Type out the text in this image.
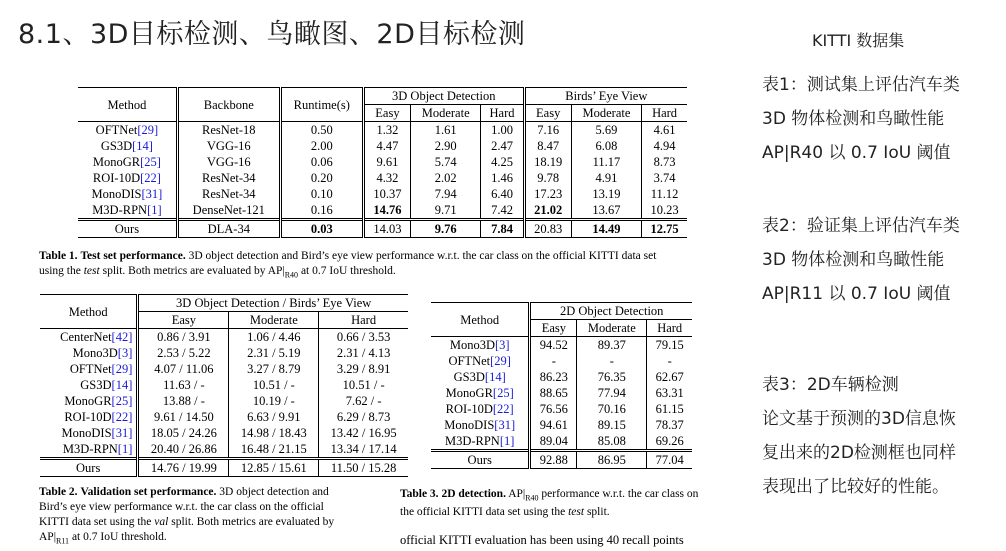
8.1、3D目标检测、鸟瞰图、2D目标检测	KITTI 数据集
表1：测试集上评估汽车类
3D 物体检测和鸟瞰性能
AP|R40 以 0.7 IoU 阈值
表2：验证集上评估汽车类
3D 物体检测和鸟瞰性能
AP|R11 以 0.7 IoU 阈值
表3：2D车辆检测
论文基于预测的3D信息恢
复出来的2D检测框也同样
表现出了比较好的性能。
Method	Backbone	Runtime(s)	3D Object Detection			Birds’ Eye View		
			Easy	Moderate	Hard	Easy	Moderate	Hard
OFTNet[29]	ResNet-18	0.50	1.32	1.61	1.00	7.16	5.69	4.61
GS3D[14]	VGG-16	2.00	4.47	2.90	2.47	8.47	6.08	4.94
MonoGR[25]	VGG-16	0.06	9.61	5.74	4.25	18.19	11.17	8.73
ROI-10D[22]	ResNet-34	0.20	4.32	2.02	1.46	9.78	4.91	3.74
MonoDIS[31]	ResNet-34	0.10	10.37	7.94	6.40	17.23	13.19	11.12
M3D-RPN[1]	DenseNet-121	0.16	14.76	9.71	7.42	21.02	13.67	10.23
Ours	DLA-34	0.03	14.03	9.76	7.84	20.83	14.49	12.75
Table 1. Test set performance. 3D object detection and Bird’s eye view performance w.r.t. the car class on the official KITTI data set
using the test split. Both metrics are evaluated by $AP|_{R40}$ at 0.7 IoU threshold.
Method	3D Object Detection / Birds’ Eye View		
	Easy	Moderate	Hard
CenterNet[42]	0.86 / 3.91	1.06 / 4.46	0.66 / 3.53
Mono3D[3]	2.53 / 5.22	2.31 / 5.19	2.31 / 4.13
OFTNet[29]	4.07 / 11.06	3.27 / 8.79	3.29 / 8.91
GS3D[14]	11.63 / -	10.51 / -	10.51 / -
MonoGR[25]	13.88 / -	10.19 / -	7.62 / -
ROI-10D[22]	9.61 / 14.50	6.63 / 9.91	6.29 / 8.73
MonoDIS[31]	18.05 / 24.26	14.98 / 18.43	13.42 / 16.95
M3D-RPN[1]	20.40 / 26.86	16.48 / 21.15	13.34 / 17.14
Ours	14.76 / 19.99	12.85 / 15.61	11.50 / 15.28
Table 2. Validation set performance. 3D object detection and
Bird’s eye view performance w.r.t. the car class on the official
KITTI data set using the val split. Both metrics are evaluated by
$AP|_{R11}$ at 0.7 IoU threshold.
Method	2D Object Detection		
	Easy	Moderate	Hard
Mono3D[3]	94.52	89.37	79.15
OFTNet[29]	-	-	-
GS3D[14]	86.23	76.35	62.67
MonoGR[25]	88.65	77.94	63.31
ROI-10D[22]	76.56	70.16	61.15
MonoDIS[31]	94.61	89.15	78.37
M3D-RPN[1]	89.04	85.08	69.26
Ours	92.88	86.95	77.04
Table 3. 2D detection. $AP|_{R40}$ performance w.r.t. the car class on
the official KITTI data set using the test split.
official KITTI evaluation has been using 40 recall points
